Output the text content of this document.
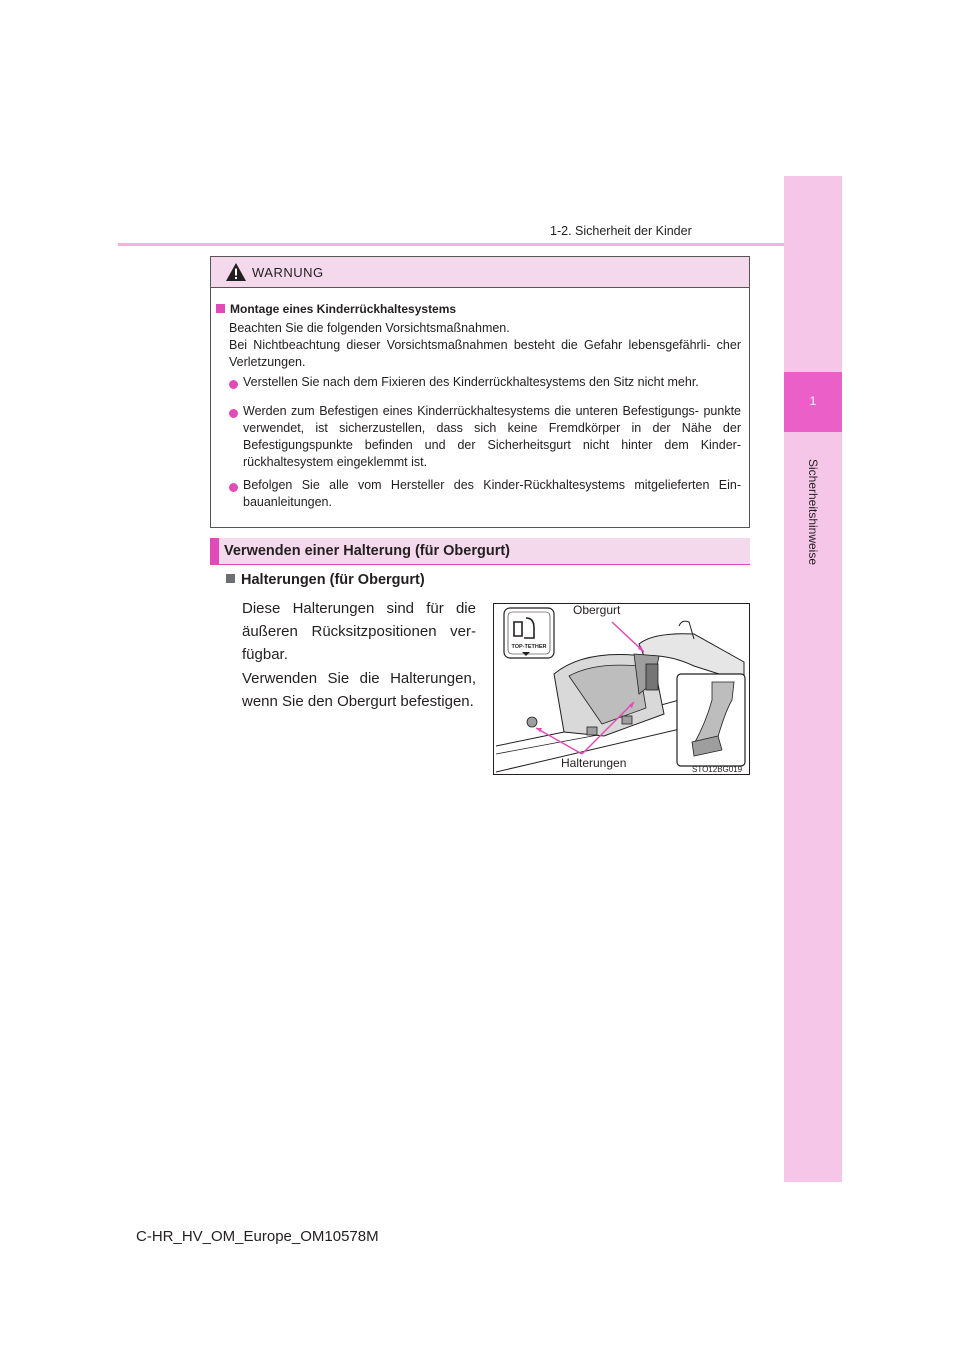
1-2. Sicherheit der Kinder
1
Sicherheitshinweise
WARNUNG
Montage eines Kinderrückhaltesystems
Beachten Sie die folgenden Vorsichtsmaßnahmen.
Bei Nichtbeachtung dieser Vorsichtsmaßnahmen besteht die Gefahr lebensgefährli- cher Verletzungen.
Verstellen Sie nach dem Fixieren des Kinderrückhaltesystems den Sitz nicht mehr.
Werden zum Befestigen eines Kinderrückhaltesystems die unteren Befestigungs- punkte verwendet, ist sicherzustellen, dass sich keine Fremdkörper in der Nähe der Befestigungspunkte befinden und der Sicherheitsgurt nicht hinter dem Kinder- rückhaltesystem eingeklemmt ist.
Befolgen Sie alle vom Hersteller des Kinder-Rückhaltesystems mitgelieferten Ein- bauanleitungen.
Verwenden einer Halterung (für Obergurt)
Halterungen (für Obergurt)
Diese Halterungen sind für die äußeren Rücksitzpositionen ver- fügbar.
Verwenden Sie die Halterungen, wenn Sie den Obergurt befestigen.
TOP-TETHER
Obergurt
Halterungen	STO12BG019
C-HR_HV_OM_Europe_OM10578M
